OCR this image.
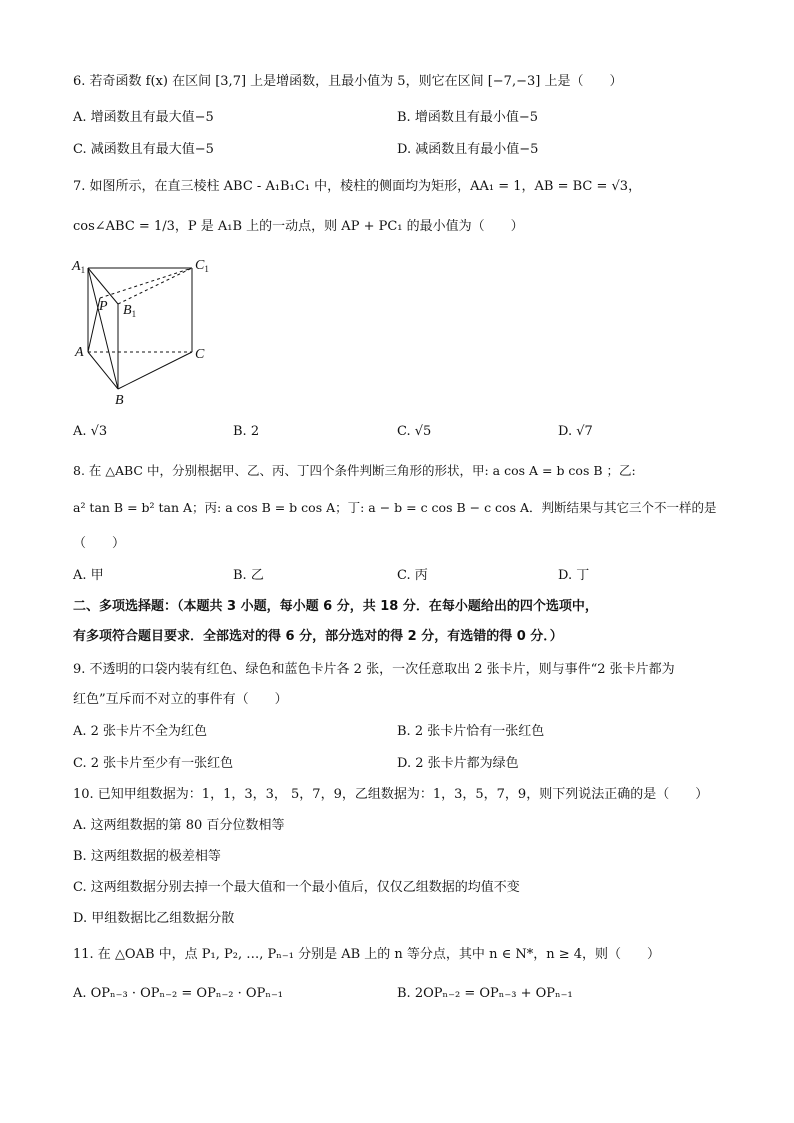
6. 若奇函数 f(x) 在区间 [3,7] 上是增函数，且最小值为 5，则它在区间 [−7,−3] 上是（　　）
A. 增函数且有最大值−5	B. 增函数且有最小值−5
C. 减函数且有最大值−5	D. 减函数且有最小值−5
7. 如图所示，在直三棱柱 ABC - A₁B₁C₁ 中，棱柱的侧面均为矩形，AA₁ = 1，AB = BC = √3，
cos∠ABC = 1/3，P 是 A₁B 上的一动点，则 AP + PC₁ 的最小值为（　　）
$A_1$	$C_1$
P $B_1$
A	C
B
A. √3	B. 2	C. √5	D. √7
8. 在 △ABC 中，分别根据甲、乙、丙、丁四个条件判断三角形的形状，甲: a cos A = b cos B ；乙:
a² tan B = b² tan A；丙: a cos B = b cos A；丁: a − b = c cos B − c cos A．判断结果与其它三个不一样的是
（　　）
A. 甲	B. 乙	C. 丙	D. 丁
二、多项选择题：（本题共 3 小题，每小题 6 分，共 18 分．在每小题给出的四个选项中，
有多项符合题目要求．全部选对的得 6 分，部分选对的得 2 分，有选错的得 0 分．）
9. 不透明的口袋内装有红色、绿色和蓝色卡片各 2 张，一次任意取出 2 张卡片，则与事件“2 张卡片都为
红色”互斥而不对立的事件有（　　）
A. 2 张卡片不全为红色	B. 2 张卡片恰有一张红色
C. 2 张卡片至少有一张红色	D. 2 张卡片都为绿色
10. 已知甲组数据为：1，1，3，3， 5，7，9，乙组数据为：1，3，5，7，9，则下列说法正确的是（　　）
A. 这两组数据的第 80 百分位数相等
B. 这两组数据的极差相等
C. 这两组数据分别去掉一个最大值和一个最小值后，仅仅乙组数据的均值不变
D. 甲组数据比乙组数据分散
11. 在 △OAB 中，点 P₁, P₂, …, Pₙ₋₁ 分别是 AB 上的 n 等分点，其中 n ∈ N*，n ≥ 4，则（　　）
A. OPₙ₋₃ · OPₙ₋₂ = OPₙ₋₂ · OPₙ₋₁	B. 2OPₙ₋₂ = OPₙ₋₃ + OPₙ₋₁
